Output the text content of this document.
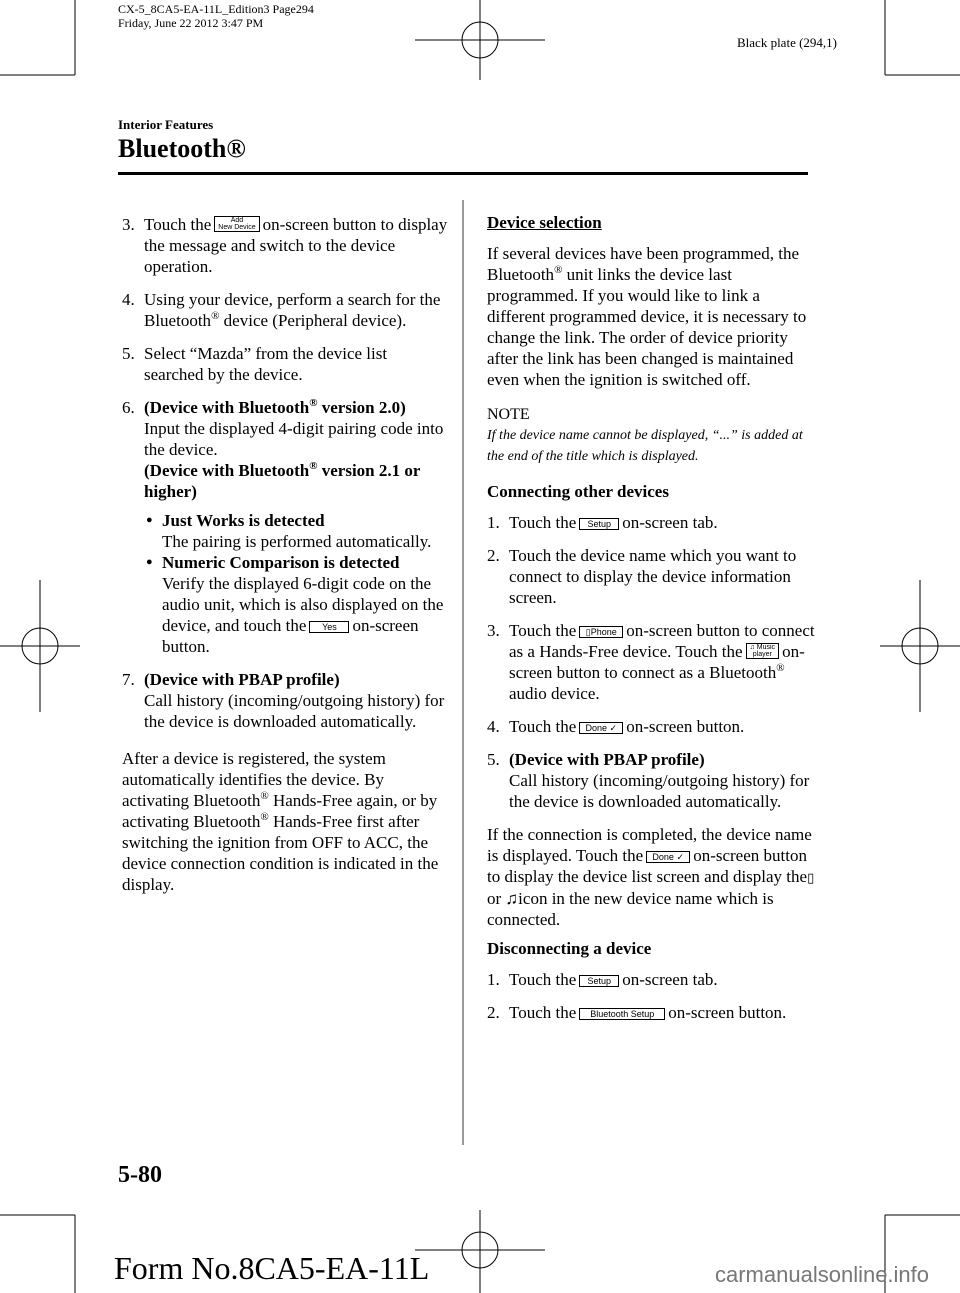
CX-5_8CA5-EA-11L_Edition3 Page294
Friday, June 22 2012 3:47 PM
Black plate (294,1)
Interior Features
Bluetooth®
3. Touch the	Add
New Device on-screen button to display the message and switch to the device operation.
4. Using your device, perform a search for the Bluetooth® device (Peripheral device).
5. Select “Mazda” from the device list searched by the device.
6. (Device with Bluetooth® version 2.0)
Input the displayed 4-digit pairing code into the device.
(Device with Bluetooth® version 2.1 or higher)
● Just Works is detected
The pairing is performed automatically.
● Numeric Comparison is detected
Verify the displayed 6-digit code on the audio unit, which is also displayed on the device, and touch the Yes on-screen button.
7. (Device with PBAP profile)
Call history (incoming/outgoing history) for the device is downloaded automatically.

After a device is registered, the system automatically identifies the device. By activating Bluetooth® Hands-Free again, or by activating Bluetooth® Hands-Free first after switching the ignition from OFF to ACC, the device connection condition is indicated in the display.

Device selection

If several devices have been programmed, the Bluetooth® unit links the device last programmed. If you would like to link a different programmed device, it is necessary to change the link. The order of device priority after the link has been changed is maintained even when the ignition is switched off.

NOTE
If the device name cannot be displayed, “...” is added at the end of the title which is displayed.
Connecting other devices
1. Touch the Setup on-screen tab.
2. Touch the device name which you want to connect to display the device information screen.
3. Touch the ▯Phone on-screen button to connect as a Hands-Free device. Touch the ♫ Music
player on-screen button to connect as a Bluetooth® audio device.
4. Touch the Done ✓ on-screen button.
5. (Device with PBAP profile)
Call history (incoming/outgoing history) for the device is downloaded automatically.

If the connection is completed, the device name is displayed. Touch the Done ✓ on-screen button to display the device list screen and display the▯ or ♫icon in the new device name which is connected.

Disconnecting a device
1. Touch the Setup on-screen tab.
2. Touch the Bluetooth Setup on-screen button.
5-80
Form No.8CA5-EA-11L	carmanualsonline.info
